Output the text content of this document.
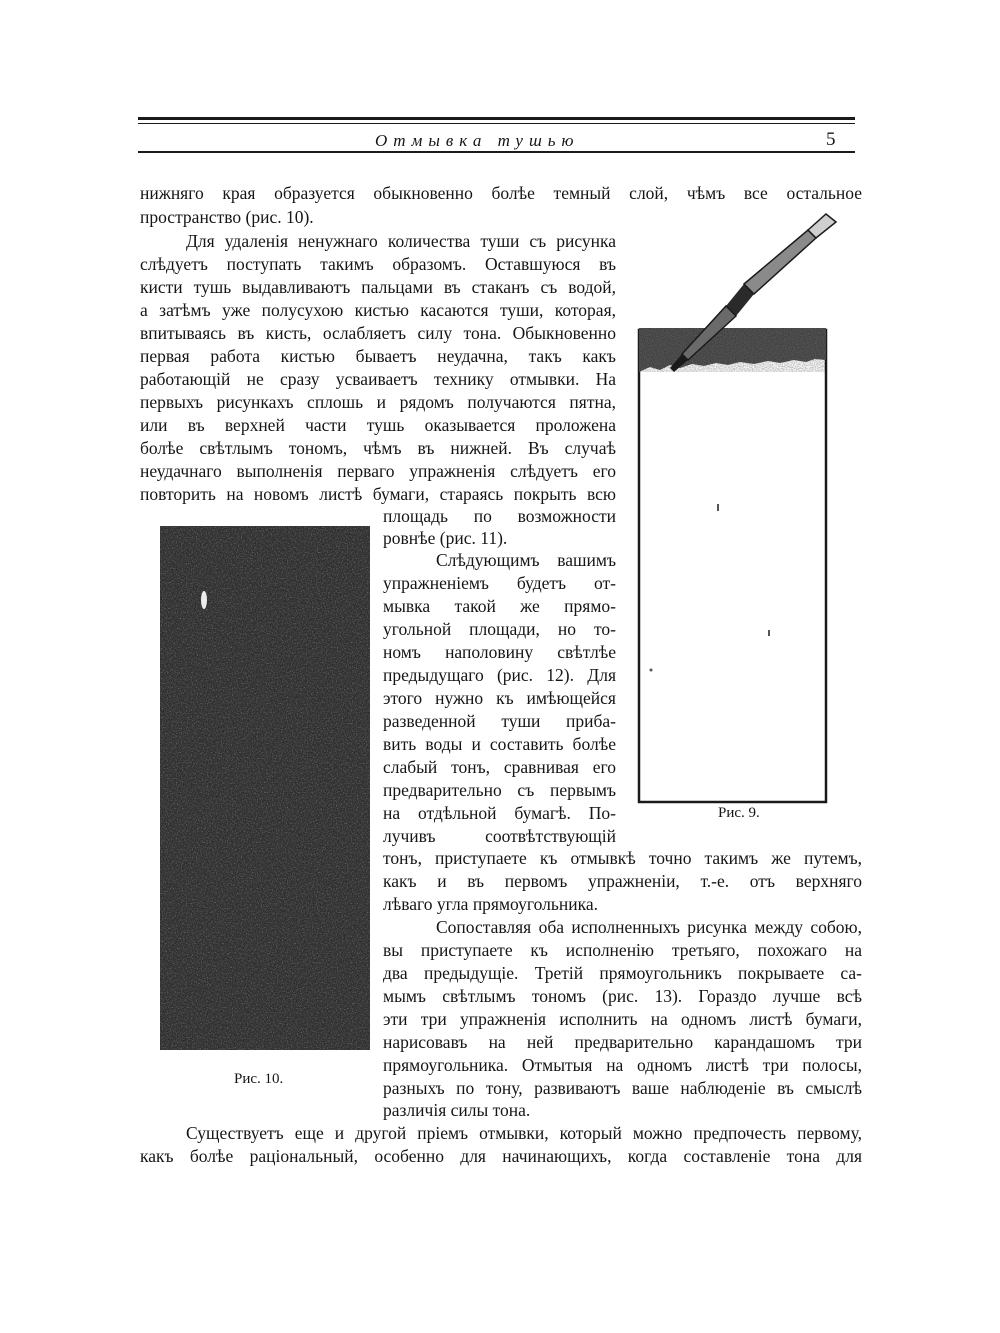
Отмывка тушью	5
нижняго края образуется обыкновенно болѣе темный слой, чѣмъ все остальное
пространство (рис. 10).
Для удаленія ненужнаго количества туши съ рисунка
слѣдуетъ поступать такимъ образомъ. Оставшуюся въ
кисти тушь выдавливаютъ пальцами въ стаканъ съ водой,
а затѣмъ уже полусухою кистью касаются туши, которая,
впитываясь въ кисть, ослабляетъ силу тона. Обыкновенно
первая работа кистью бываетъ неудачна, такъ какъ
работающій не сразу усваиваетъ технику отмывки. На
первыхъ рисункахъ сплошь и рядомъ получаются пятна,
или въ верхней части тушь оказывается проложена
болѣе свѣтлымъ тономъ, чѣмъ въ нижней. Въ случаѣ
неудачнаго выполненія перваго упражненія слѣдуетъ его
повторить на новомъ листѣ бумаги, стараясь покрыть всю
площадь по возможности
ровнѣе (рис. 11).
Слѣдующимъ вашимъ
упражненіемъ будетъ от-
мывка такой же прямо-
угольной площади, но то-
номъ наполовину свѣтлѣе
предыдущаго (рис. 12). Для
этого нужно къ имѣющейся
разведенной туши приба-
вить воды и составить болѣе
слабый тонъ, сравнивая его
предварительно съ первымъ
на отдѣльной бумагѣ. По-
лучивъ соотвѣтствующій
тонъ, приступаете къ отмывкѣ точно такимъ же путемъ,
какъ и въ первомъ упражненіи, т.-е. отъ верхняго
лѣваго угла прямоугольника.
Сопоставляя оба исполненныхъ рисунка между собою,
вы приступаете къ исполненію третьяго, похожаго на
два предыдущіе. Третій прямоугольникъ покрываете са-
мымъ свѣтлымъ тономъ (рис. 13). Гораздо лучше всѣ
эти три упражненія исполнить на одномъ листѣ бумаги,
нарисовавъ на ней предварительно карандашомъ три
прямоугольника. Отмытыя на одномъ листѣ три полосы,
разныхъ по тону, развиваютъ ваше наблюденіе въ смыслѣ
различія силы тона.
Существуетъ еще и другой пріемъ отмывки, который можно предпочесть первому,
какъ болѣе раціональный, особенно для начинающихъ, когда составленіе тона для
Рис. 9.
Рис. 10.
